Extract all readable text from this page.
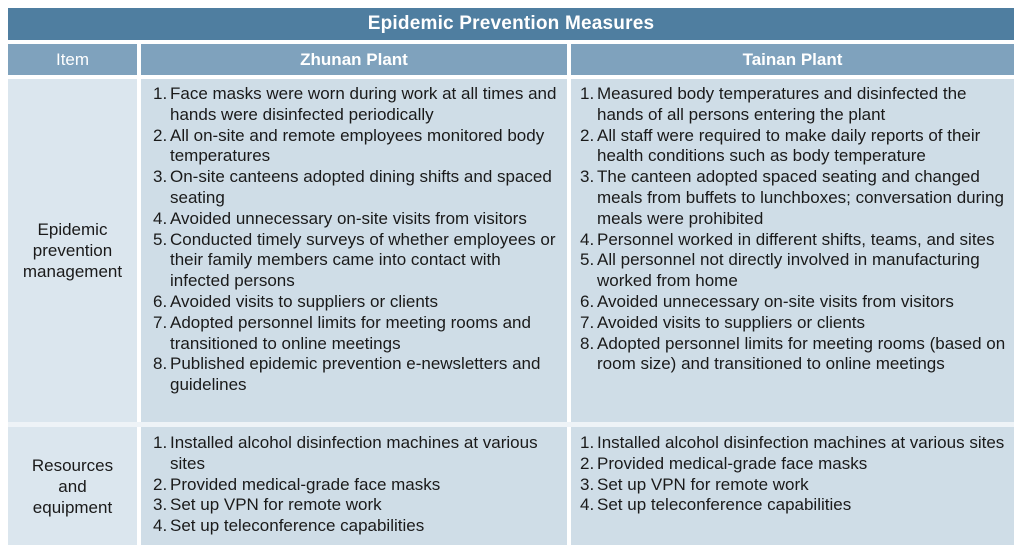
Epidemic Prevention Measures
Item	Zhunan Plant	Tainan Plant
Epidemic
prevention
management
1. Face masks were worn during work at all times and hands were disinfected periodically
2. All on-site and remote employees monitored body temperatures
3. On-site canteens adopted dining shifts and spaced seating
4. Avoided unnecessary on-site visits from visitors
5. Conducted timely surveys of whether employees or their family members came into contact with infected persons
6. Avoided visits to suppliers or clients
7. Adopted personnel limits for meeting rooms and transitioned to online meetings
8. Published epidemic prevention e-newsletters and guidelines
1. Measured body temperatures and disinfected the hands of all persons entering the plant
2. All staff were required to make daily reports of their health conditions such as body temperature
3. The canteen adopted spaced seating and changed meals from buffets to lunchboxes; conversation during meals were prohibited
4. Personnel worked in different shifts, teams, and sites
5. All personnel not directly involved in manufacturing worked from home
6. Avoided unnecessary on-site visits from visitors
7. Avoided visits to suppliers or clients
8. Adopted personnel limits for meeting rooms (based on room size) and transitioned to online meetings
Resources
and
equipment
1. Installed alcohol disinfection machines at various sites
2. Provided medical-grade face masks
3. Set up VPN for remote work
4. Set up teleconference capabilities
1. Installed alcohol disinfection machines at various sites
2. Provided medical-grade face masks
3. Set up VPN for remote work
4. Set up teleconference capabilities
